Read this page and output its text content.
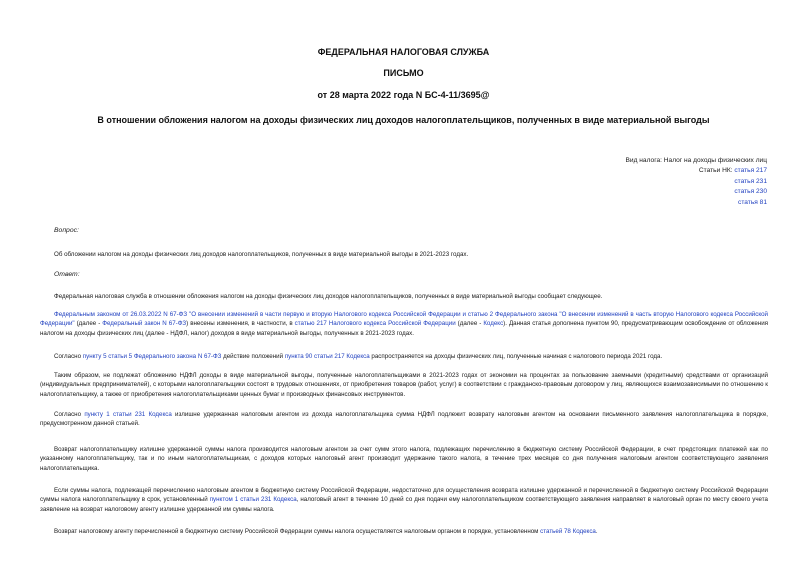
ФЕДЕРАЛЬНАЯ НАЛОГОВАЯ СЛУЖБА
ПИСЬМО
от 28 марта 2022 года N БС-4-11/3695@
В отношении обложения налогом на доходы физических лиц доходов налогоплательщиков, полученных в виде материальной выгоды
Вид налога: Налог на доходы физических лиц
Статьи НК: статья 217
статья 231
статья 230
статья 81
Вопрос:
Об обложении налогом на доходы физических лиц доходов налогоплательщиков, полученных в виде материальной выгоды в 2021-2023 годах.
Ответ:
Федеральная налоговая служба в отношении обложения налогом на доходы физических лиц доходов налогоплательщиков, полученных в виде материальной выгоды сообщает следующее.
Федеральным законом от 26.03.2022 N 67-ФЗ "О внесении изменений в части первую и вторую Налогового кодекса Российской Федерации и статью 2 Федерального закона "О внесении изменений в часть вторую Налогового кодекса Российской Федерации" (далее - Федеральный закон N 67-ФЗ) внесены изменения, в частности, в статью 217 Налогового кодекса Российской Федерации (далее - Кодекс). Данная статья дополнена пунктом 90, предусматривающим освобождение от обложения налогом на доходы физических лиц (далее - НДФЛ, налог) доходов в виде материальной выгоды, полученных в 2021-2023 годах.
Согласно пункту 5 статьи 5 Федерального закона N 67-ФЗ действие положений пункта 90 статьи 217 Кодекса распространяется на доходы физических лиц, полученные начиная с налогового периода 2021 года.
Таким образом, не подлежат обложению НДФЛ доходы в виде материальной выгоды, полученные налогоплательщиками в 2021-2023 годах от экономии на процентах за пользование заемными (кредитными) средствами от организаций (индивидуальных предпринимателей), с которыми налогоплательщики состоят в трудовых отношениях, от приобретения товаров (работ, услуг) в соответствии с гражданско-правовым договором у лиц, являющихся взаимозависимыми по отношению к налогоплательщику, а также от приобретения налогоплательщиками ценных бумаг и производных финансовых инструментов.
Согласно пункту 1 статьи 231 Кодекса излишне удержанная налоговым агентом из дохода налогоплательщика сумма НДФЛ подлежит возврату налоговым агентом на основании письменного заявления налогоплательщика в порядке, предусмотренном данной статьей.
Возврат налогоплательщику излишне удержанной суммы налога производится налоговым агентом за счет сумм этого налога, подлежащих перечислению в бюджетную систему Российской Федерации, в счет предстоящих платежей как по указанному налогоплательщику, так и по иным налогоплательщикам, с доходов которых налоговый агент производит удержание такого налога, в течение трех месяцев со дня получения налоговым агентом соответствующего заявления налогоплательщика.
Если суммы налога, подлежащей перечислению налоговым агентом в бюджетную систему Российской Федерации, недостаточно для осуществления возврата излишне удержанной и перечисленной в бюджетную систему Российской Федерации суммы налога налогоплательщику в срок, установленный пунктом 1 статьи 231 Кодекса, налоговый агент в течение 10 дней со дня подачи ему налогоплательщиком соответствующего заявления направляет в налоговый орган по месту своего учета заявление на возврат налоговому агенту излишне удержанной им суммы налога.
Возврат налоговому агенту перечисленной в бюджетную систему Российской Федерации суммы налога осуществляется налоговым органом в порядке, установленном статьей 78 Кодекса.
